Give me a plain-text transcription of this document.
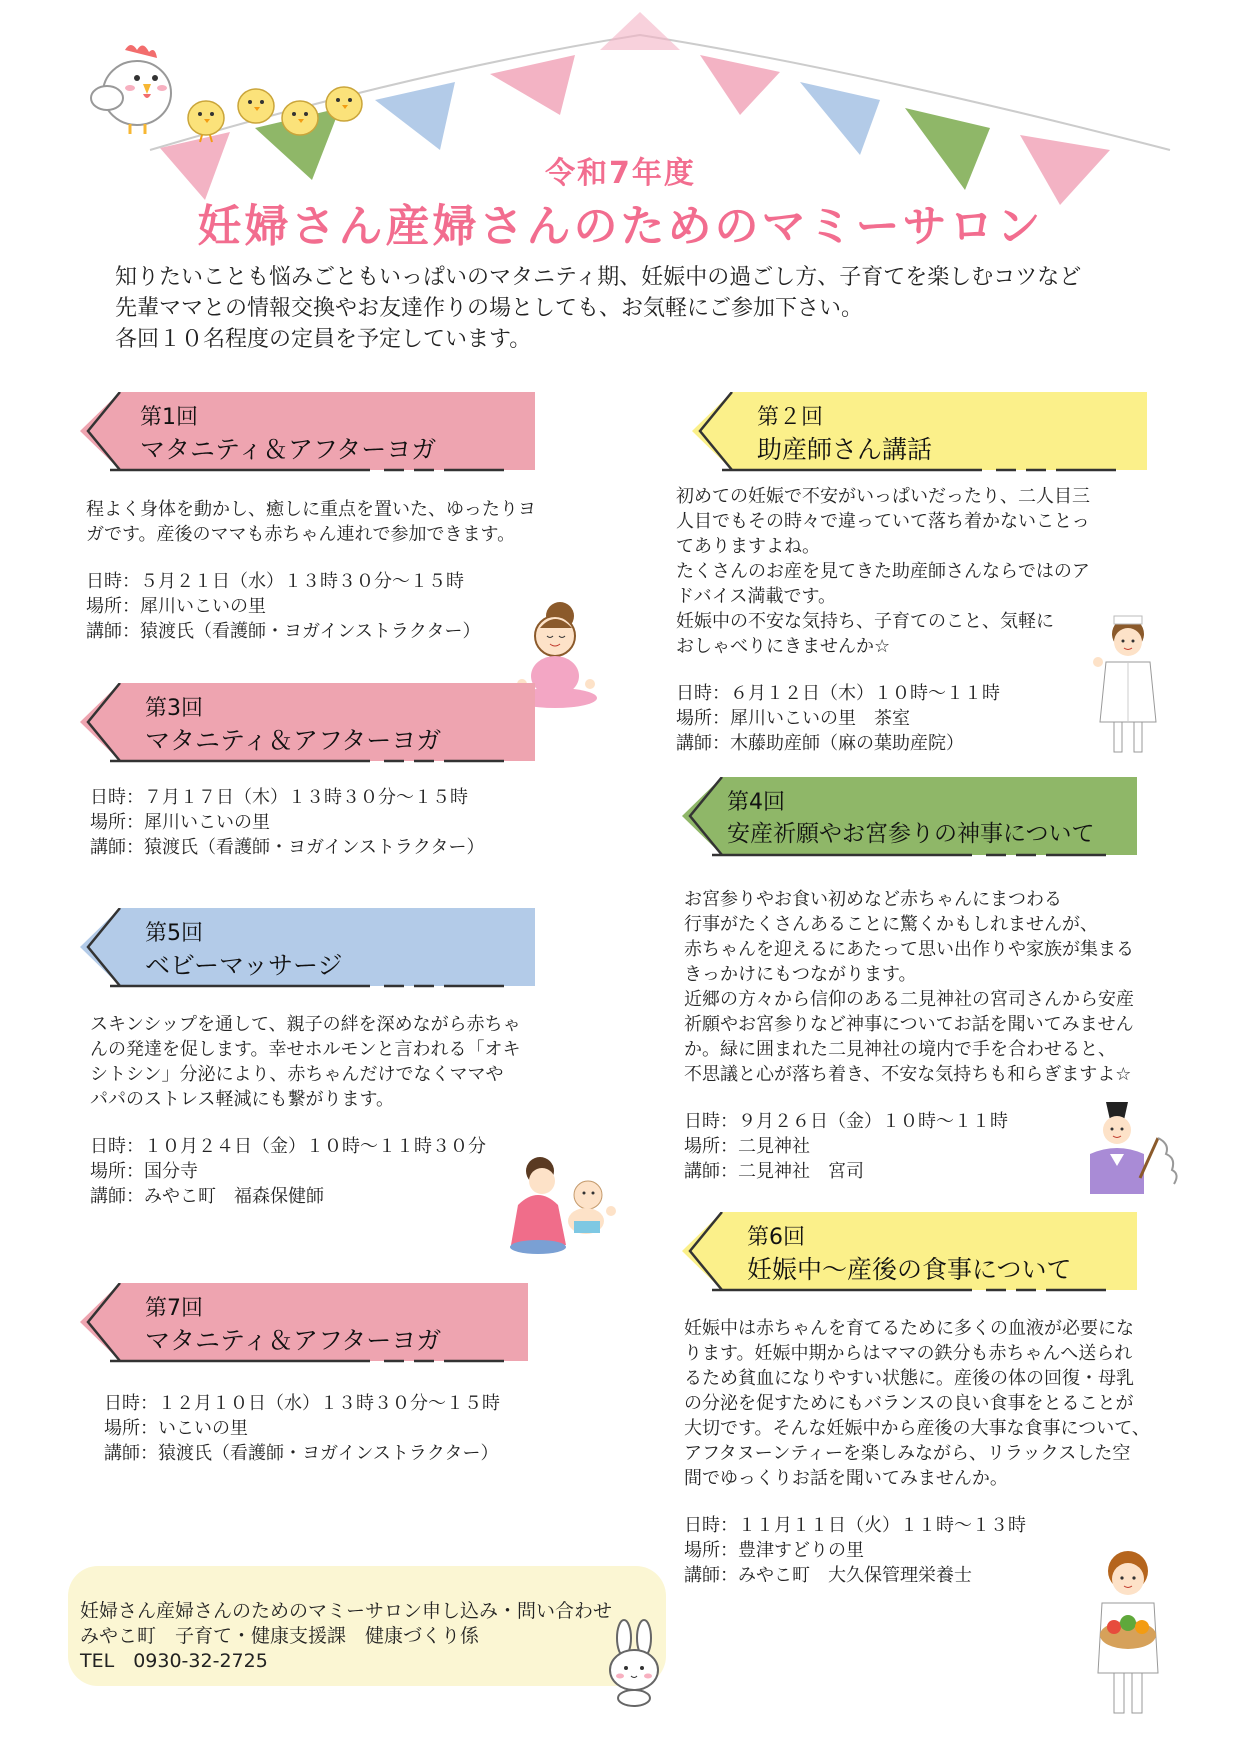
令和7年度
妊婦さん産婦さんのためのマミーサロン
知りたいことも悩みごともいっぱいのマタニティ期、妊娠中の過ごし方、子育てを楽しむコツなど
先輩ママとの情報交換やお友達作りの場としても、お気軽にご参加下さい。
各回１０名程度の定員を予定しています。
第1回
マタニティ＆アフターヨガ
程よく身体を動かし、癒しに重点を置いた、ゆったりヨ
ガです。産後のママも赤ちゃん連れで参加できます。
日時：５月２１日（水）１３時３０分～１５時
場所：犀川いこいの里
講師：猿渡氏（看護師・ヨガインストラクター）
第3回
マタニティ＆アフターヨガ
日時：７月１７日（木）１３時３０分～１５時
場所：犀川いこいの里
講師：猿渡氏（看護師・ヨガインストラクター）
第5回
ベビーマッサージ
スキンシップを通して、親子の絆を深めながら赤ちゃ
んの発達を促します。幸せホルモンと言われる「オキ
シトシン」分泌により、赤ちゃんだけでなくママや
パパのストレス軽減にも繋がります。
日時：１０月２４日（金）１０時～１１時３０分
場所：国分寺
講師：みやこ町　福森保健師
第7回
マタニティ＆アフターヨガ
日時：１２月１０日（水）１３時３０分～１５時
場所：いこいの里
講師：猿渡氏（看護師・ヨガインストラクター）
第２回
助産師さん講話
初めての妊娠で不安がいっぱいだったり、二人目三
人目でもその時々で違っていて落ち着かないことっ
てありますよね。
たくさんのお産を見てきた助産師さんならではのア
ドバイス満載です。
妊娠中の不安な気持ち、子育てのこと、気軽に
おしゃべりにきませんか☆
日時：６月１２日（木）１０時～１１時
場所：犀川いこいの里　茶室
講師：木藤助産師（麻の葉助産院）
第4回
安産祈願やお宮参りの神事について
お宮参りやお食い初めなど赤ちゃんにまつわる
行事がたくさんあることに驚くかもしれませんが、
赤ちゃんを迎えるにあたって思い出作りや家族が集まる
きっかけにもつながります。
近郷の方々から信仰のある二見神社の宮司さんから安産
祈願やお宮参りなど神事についてお話を聞いてみません
か。緑に囲まれた二見神社の境内で手を合わせると、
不思議と心が落ち着き、不安な気持ちも和らぎますよ☆
日時：９月２６日（金）１０時～１１時
場所：二見神社
講師：二見神社　宮司
第6回
妊娠中～産後の食事について
妊娠中は赤ちゃんを育てるために多くの血液が必要にな
ります。妊娠中期からはママの鉄分も赤ちゃんへ送られ
るため貧血になりやすい状態に。産後の体の回復・母乳
の分泌を促すためにもバランスの良い食事をとることが
大切です。そんな妊娠中から産後の大事な食事について、
アフタヌーンティーを楽しみながら、リラックスした空
間でゆっくりお話を聞いてみませんか。
日時：１１月１１日（火）１１時～１３時
場所：豊津すどりの里
講師：みやこ町　大久保管理栄養士
妊婦さん産婦さんのためのマミーサロン申し込み・問い合わせ
みやこ町　子育て・健康支援課　健康づくり係
TEL　0930-32-2725
